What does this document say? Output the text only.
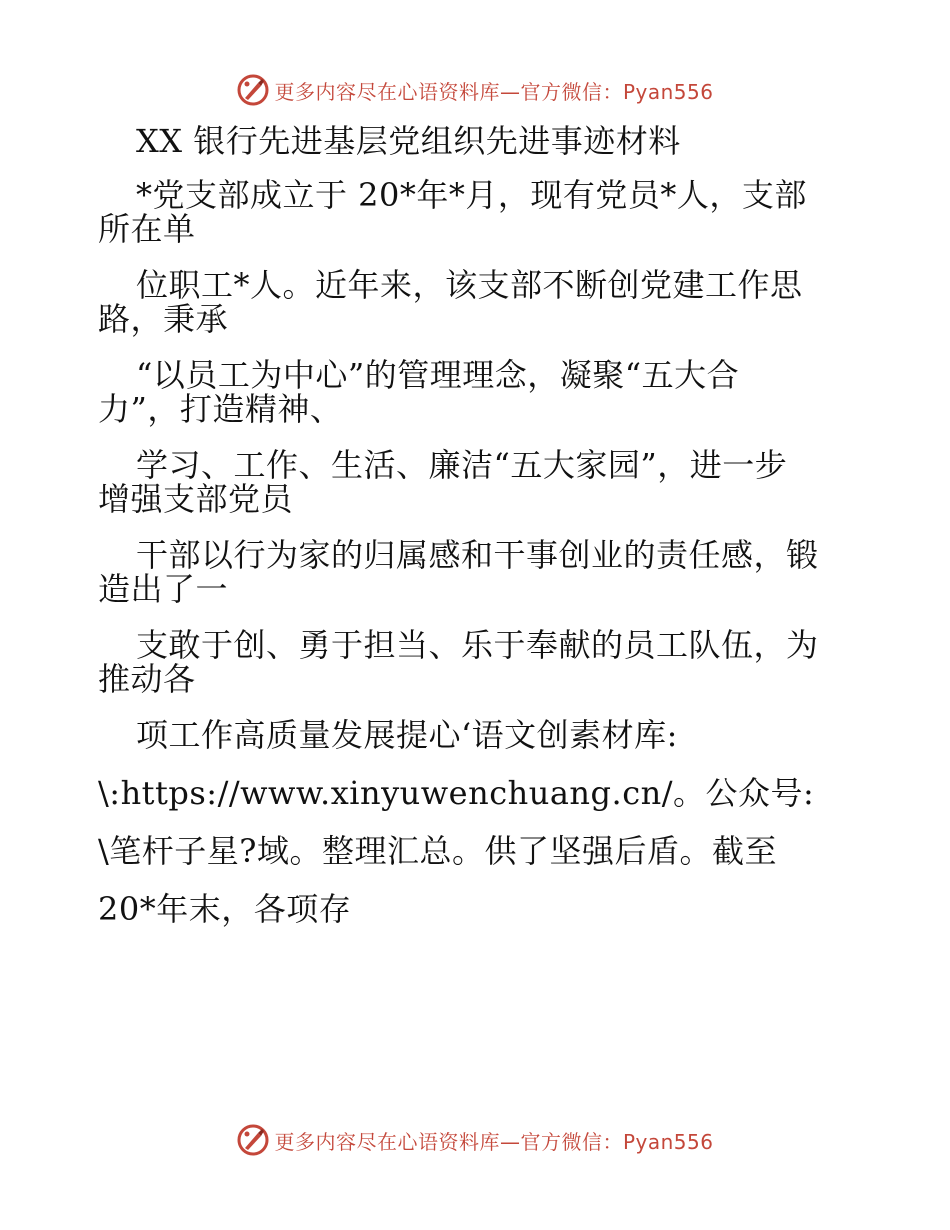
更多内容尽在心语资料库—官方微信：Pyan556
XX 银行先进基层党组织先进事迹材料
*党支部成立于 20*年*月，现有党员*人，支部
所在单
位职工*人。近年来，该支部不断创党建工作思
路，秉承
“以员工为中心”的管理理念，凝聚“五大合
力”，打造精神、
学习、工作、生活、廉洁“五大家园”，进一步
增强支部党员
干部以行为家的归属感和干事创业的责任感，锻
造出了一
支敢于创、勇于担当、乐于奉献的员工队伍，为
推动各
项工作高质量发展提心‘语文创素材库:
\:https://www.xinyuwenchuang.cn/。公众号:
\笔杆子星?域。整理汇总。供了坚强后盾。截至
20*年末，各项存
更多内容尽在心语资料库—官方微信：Pyan556
